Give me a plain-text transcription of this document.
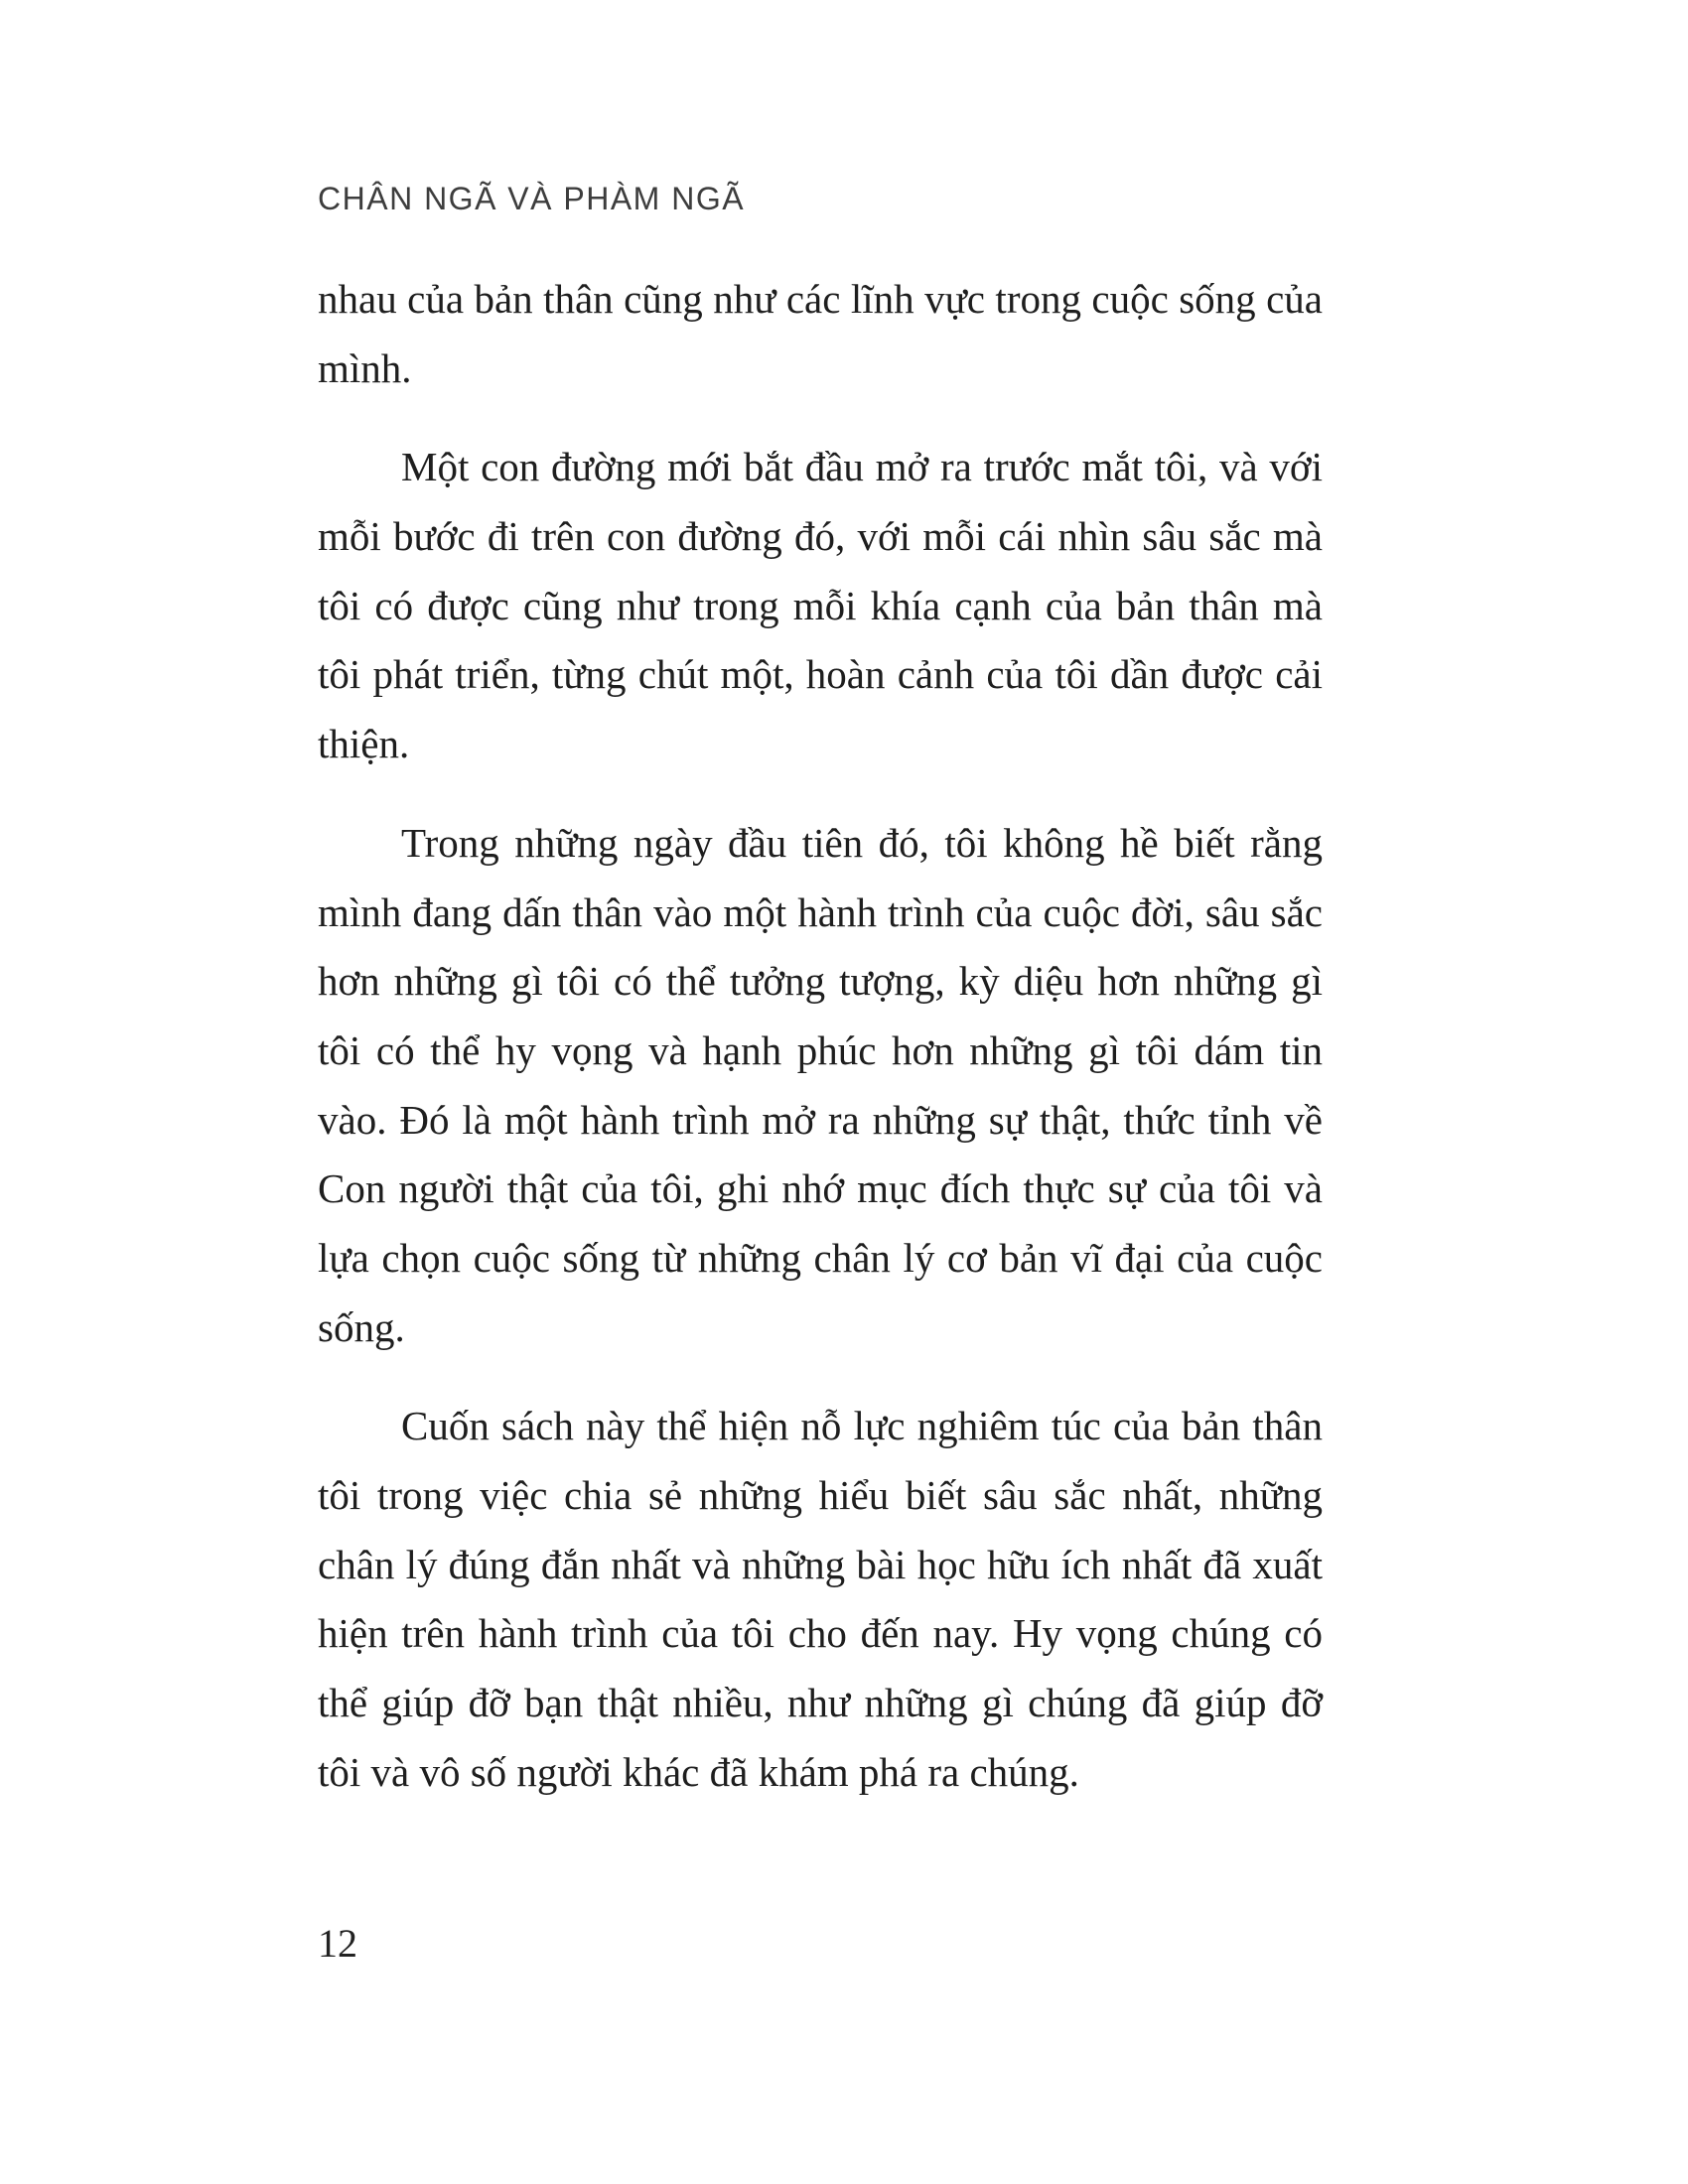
CHÂN NGÃ VÀ PHÀM NGÃ

nhau của bản thân cũng như các lĩnh vực trong cuộc sống của mình.

Một con đường mới bắt đầu mở ra trước mắt tôi, và với mỗi bước đi trên con đường đó, với mỗi cái nhìn sâu sắc mà tôi có được cũng như trong mỗi khía cạnh của bản thân mà tôi phát triển, từng chút một, hoàn cảnh của tôi dần được cải thiện.

Trong những ngày đầu tiên đó, tôi không hề biết rằng mình đang dấn thân vào một hành trình của cuộc đời, sâu sắc hơn những gì tôi có thể tưởng tượng, kỳ diệu hơn những gì tôi có thể hy vọng và hạnh phúc hơn những gì tôi dám tin vào. Đó là một hành trình mở ra những sự thật, thức tỉnh về Con người thật của tôi, ghi nhớ mục đích thực sự của tôi và lựa chọn cuộc sống từ những chân lý cơ bản vĩ đại của cuộc sống.

Cuốn sách này thể hiện nỗ lực nghiêm túc của bản thân tôi trong việc chia sẻ những hiểu biết sâu sắc nhất, những chân lý đúng đắn nhất và những bài học hữu ích nhất đã xuất hiện trên hành trình của tôi cho đến nay. Hy vọng chúng có thể giúp đỡ bạn thật nhiều, như những gì chúng đã giúp đỡ tôi và vô số người khác đã khám phá ra chúng.

12
